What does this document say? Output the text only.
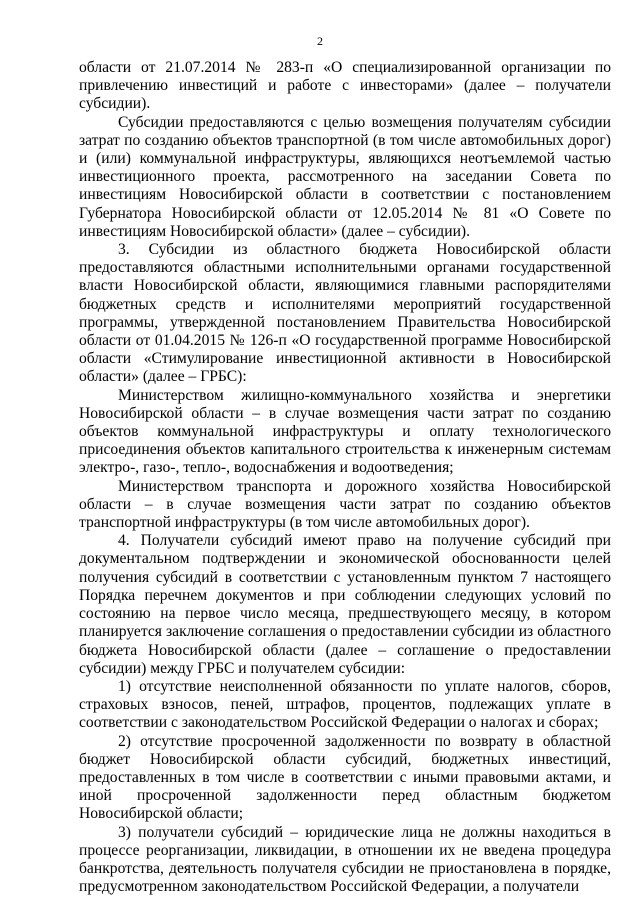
2

области от 21.07.2014 № 283-п «О специализированной организации по привлечению инвестиций и работе с инвесторами» (далее – получатели субсидии).

Субсидии предоставляются с целью возмещения получателям субсидии затрат по созданию объектов транспортной (в том числе автомобильных дорог) и (или) коммунальной инфраструктуры, являющихся неотъемлемой частью инвестиционного проекта, рассмотренного на заседании Совета по инвестициям Новосибирской области в соответствии с постановлением Губернатора Новосибирской области от 12.05.2014 № 81 «О Совете по инвестициям Новосибирской области» (далее – субсидии).

3. Субсидии из областного бюджета Новосибирской области предоставляются областными исполнительными органами государственной власти Новосибирской области, являющимися главными распорядителями бюджетных средств и исполнителями мероприятий государственной программы, утвержденной постановлением Правительства Новосибирской области от 01.04.2015 № 126-п «О государственной программе Новосибирской области «Стимулирование инвестиционной активности в Новосибирской области» (далее – ГРБС):

Министерством жилищно-коммунального хозяйства и энергетики Новосибирской области – в случае возмещения части затрат по созданию объектов коммунальной инфраструктуры и оплату технологического присоединения объектов капитального строительства к инженерным системам электро-, газо-, тепло-, водоснабжения и водоотведения;

Министерством транспорта и дорожного хозяйства Новосибирской области – в случае возмещения части затрат по созданию объектов транспортной инфраструктуры (в том числе автомобильных дорог).

4. Получатели субсидий имеют право на получение субсидий при документальном подтверждении и экономической обоснованности целей получения субсидий в соответствии с установленным пунктом 7 настоящего Порядка перечнем документов и при соблюдении следующих условий по состоянию на первое число месяца, предшествующего месяцу, в котором планируется заключение соглашения о предоставлении субсидии из областного бюджета Новосибирской области (далее – соглашение о предоставлении субсидии) между ГРБС и получателем субсидии:

1) отсутствие неисполненной обязанности по уплате налогов, сборов, страховых взносов, пеней, штрафов, процентов, подлежащих уплате в соответствии с законодательством Российской Федерации о налогах и сборах;

2) отсутствие просроченной задолженности по возврату в областной бюджет Новосибирской области субсидий, бюджетных инвестиций, предоставленных в том числе в соответствии с иными правовыми актами, и иной просроченной задолженности перед областным бюджетом Новосибирской области;

3) получатели субсидий – юридические лица не должны находиться в процессе реорганизации, ликвидации, в отношении их не введена процедура банкротства, деятельность получателя субсидии не приостановлена в порядке, предусмотренном законодательством Российской Федерации, а получатели
